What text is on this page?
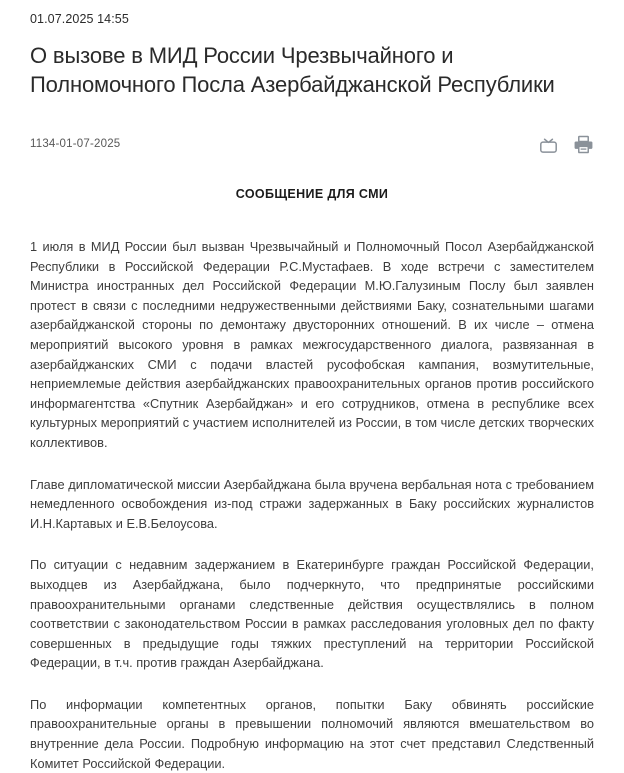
01.07.2025 14:55
О вызове в МИД России Чрезвычайного и Полномочного Посла Азербайджанской Республики
1134-01-07-2025
СООБЩЕНИЕ ДЛЯ СМИ

1 июля в МИД России был вызван Чрезвычайный и Полномочный Посол Азербайджанской Республики в Российской Федерации Р.С.Мустафаев. В ходе встречи с заместителем Министра иностранных дел Российской Федерации М.Ю.Галузиным Послу был заявлен протест в связи с последними недружественными действиями Баку, сознательными шагами азербайджанской стороны по демонтажу двусторонних отношений. В их числе – отмена мероприятий высокого уровня в рамках межгосударственного диалога, развязанная в азербайджанских СМИ с подачи властей русофобская кампания, возмутительные, неприемлемые действия азербайджанских правоохранительных органов против российского информагентства «Спутник Азербайджан» и его сотрудников, отмена в республике всех культурных мероприятий с участием исполнителей из России, в том числе детских творческих коллективов.

Главе дипломатической миссии Азербайджана была вручена вербальная нота с требованием немедленного освобождения из-под стражи задержанных в Баку российских журналистов И.Н.Картавых и Е.В.Белоусова.

По ситуации с недавним задержанием в Екатеринбурге граждан Российской Федерации, выходцев из Азербайджана, было подчеркнуто, что предпринятые российскими правоохранительными органами следственные действия осуществлялись в полном соответствии с законодательством России в рамках расследования уголовных дел по факту совершенных в предыдущие годы тяжких преступлений на территории Российской Федерации, в т.ч. против граждан Азербайджана.

По информации компетентных органов, попытки Баку обвинять российские правоохранительные органы в превышении полномочий являются вмешательством во внутренние дела России. Подробную информацию на этот счет представил Следственный Комитет Российской Федерации.
